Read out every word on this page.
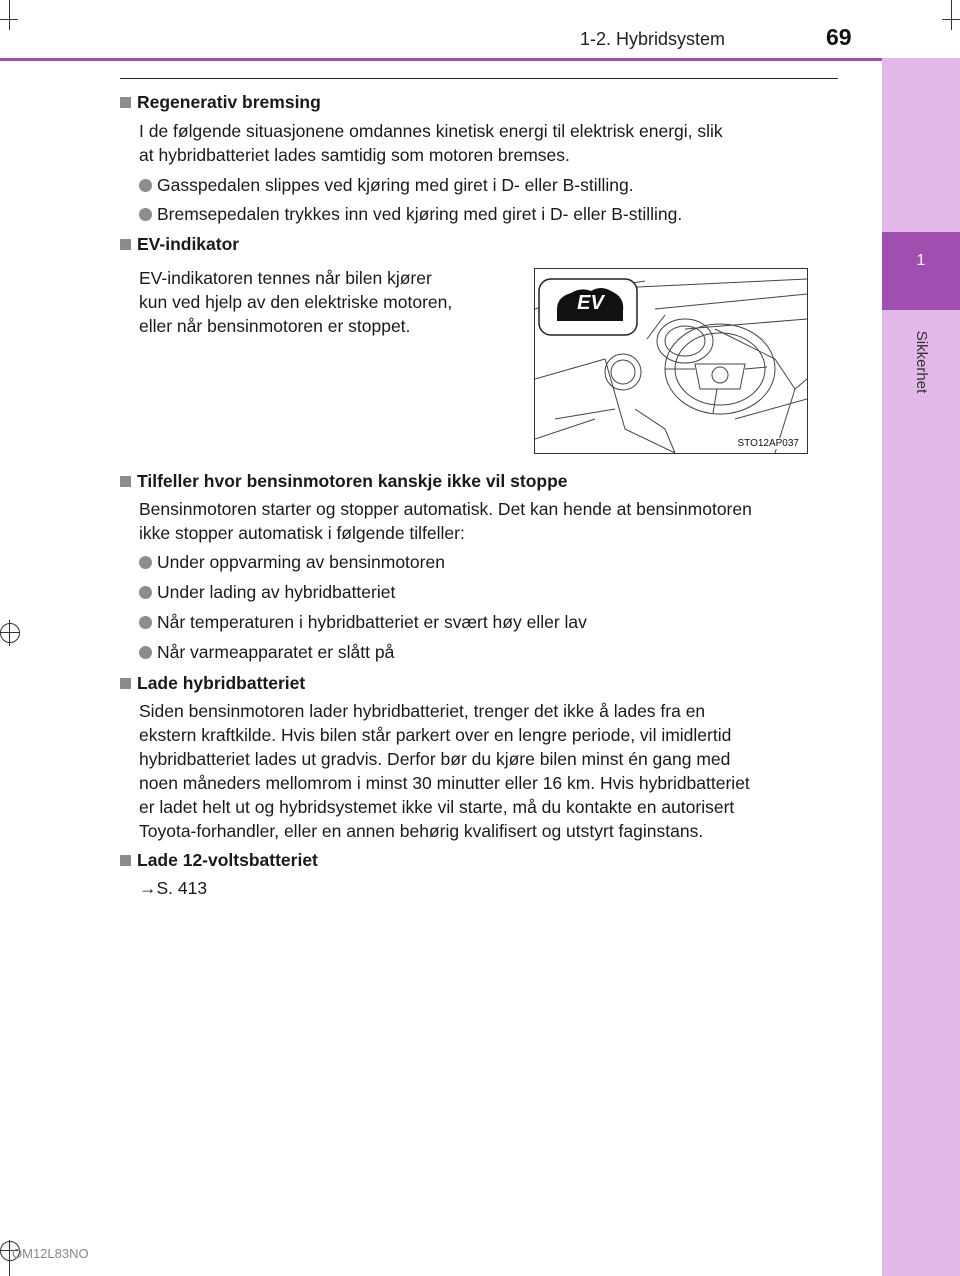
1-2. Hybridsystem	69
1
Sikkerhet
Regenerativ bremsing
I de følgende situasjonene omdannes kinetisk energi til elektrisk energi, slik
at hybridbatteriet lades samtidig som motoren bremses.
Gasspedalen slippes ved kjøring med giret i D- eller B-stilling.
Bremsepedalen trykkes inn ved kjøring med giret i D- eller B-stilling.
EV-indikator
EV-indikatoren tennes når bilen kjører
kun ved hjelp av den elektriske motoren,
eller når bensinmotoren er stoppet.
EV
STO12AP037
Tilfeller hvor bensinmotoren kanskje ikke vil stoppe
Bensinmotoren starter og stopper automatisk. Det kan hende at bensinmotoren
ikke stopper automatisk i følgende tilfeller:
Under oppvarming av bensinmotoren
Under lading av hybridbatteriet
Når temperaturen i hybridbatteriet er svært høy eller lav
Når varmeapparatet er slått på
Lade hybridbatteriet
Siden bensinmotoren lader hybridbatteriet, trenger det ikke å lades fra en
ekstern kraftkilde. Hvis bilen står parkert over en lengre periode, vil imidlertid
hybridbatteriet lades ut gradvis. Derfor bør du kjøre bilen minst én gang med
noen måneders mellomrom i minst 30 minutter eller 16 km. Hvis hybridbatteriet
er ladet helt ut og hybridsystemet ikke vil starte, må du kontakte en autorisert
Toyota-forhandler, eller en annen behørig kvalifisert og utstyrt faginstans.
Lade 12-voltsbatteriet
→S. 413
OM12L83NO
